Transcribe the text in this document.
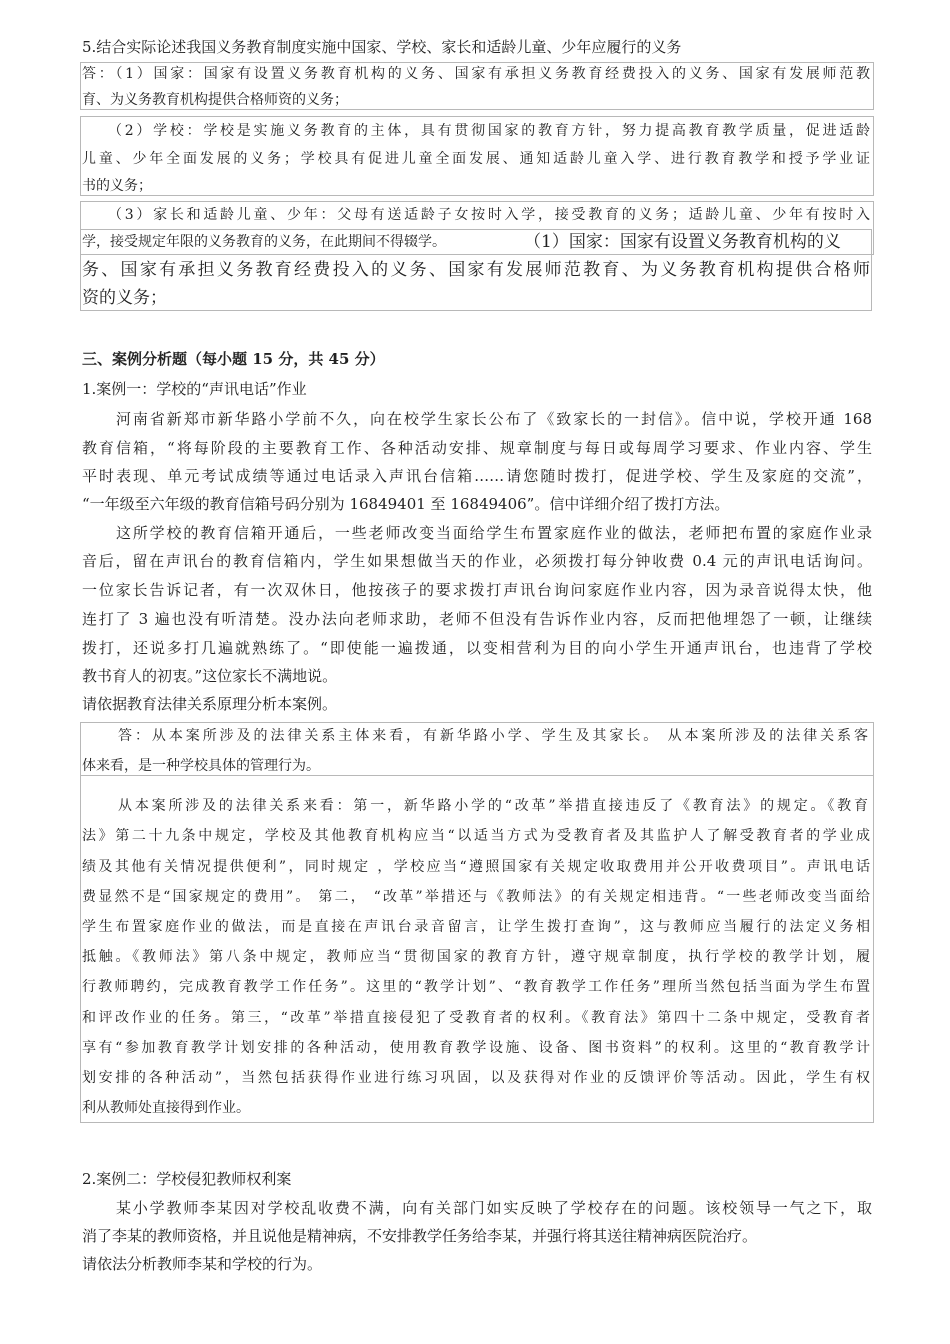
5.结合实际论述我国义务教育制度实施中国家、学校、家长和适龄儿童、少年应履行的义务
答：（1）国家：国家有设置义务教育机构的义务、国家有承担义务教育经费投入的义务、国家有发展师范教
育、为义务教育机构提供合格师资的义务；
（2）学校：学校是实施义务教育的主体，具有贯彻国家的教育方针，努力提高教育教学质量，促进适龄
儿童、少年全面发展的义务；学校具有促进儿童全面发展、通知适龄儿童入学、进行教育教学和授予学业证
书的义务；
（3）家长和适龄儿童、少年：父母有送适龄子女按时入学，接受教育的义务；适龄儿童、少年有按时入
学，接受规定年限的义务教育的义务，在此期间不得辍学。	（1）国家：国家有设置义务教育机构的义
务、国家有承担义务教育经费投入的义务、国家有发展师范教育、为义务教育机构提供合格师
资的义务；
三、案例分析题（每小题 15 分，共 45 分）
1.案例一：学校的“声讯电话”作业
河南省新郑市新华路小学前不久，向在校学生家长公布了《致家长的一封信》。信中说，学校开通 168
教育信箱，“将每阶段的主要教育工作、各种活动安排、规章制度与每日或每周学习要求、作业内容、学生
平时表现、单元考试成绩等通过电话录入声讯台信箱……请您随时拨打，促进学校、学生及家庭的交流”，
“一年级至六年级的教育信箱号码分别为 16849401 至 16849406”。信中详细介绍了拨打方法。
这所学校的教育信箱开通后，一些老师改变当面给学生布置家庭作业的做法，老师把布置的家庭作业录
音后，留在声讯台的教育信箱内，学生如果想做当天的作业，必须拨打每分钟收费 0.4 元的声讯电话询问。
一位家长告诉记者，有一次双休日，他按孩子的要求拨打声讯台询问家庭作业内容，因为录音说得太快，他
连打了 3 遍也没有听清楚。没办法向老师求助，老师不但没有告诉作业内容，反而把他埋怨了一顿，让继续
拨打，还说多打几遍就熟练了。“即使能一遍拨通，以变相营利为目的向小学生开通声讯台，也违背了学校
教书育人的初衷。”这位家长不满地说。
请依据教育法律关系原理分析本案例。
答：从本案所涉及的法律关系主体来看，有新华路小学、学生及其家长。 从本案所涉及的法律关系客
体来看，是一种学校具体的管理行为。
从本案所涉及的法律关系来看：第一，新华路小学的“改革”举措直接违反了《教育法》的规定。《教育
法》第二十九条中规定，学校及其他教育机构应当“以适当方式为受教育者及其监护人了解受教育者的学业成
绩及其他有关情况提供便利”，同时规定 ，学校应当“遵照国家有关规定收取费用并公开收费项目”。声讯电话
费显然不是“国家规定的费用”。 第二， “改革”举措还与《教师法》的有关规定相违背。“一些老师改变当面给
学生布置家庭作业的做法，而是直接在声讯台录音留言，让学生拨打查询”，这与教师应当履行的法定义务相
抵触。《教师法》第八条中规定，教师应当“贯彻国家的教育方针，遵守规章制度，执行学校的教学计划，履
行教师聘约，完成教育教学工作任务”。这里的“教学计划”、“教育教学工作任务”理所当然包括当面为学生布置
和评改作业的任务。第三，“改革”举措直接侵犯了受教育者的权利。《教育法》第四十二条中规定，受教育者
享有“参加教育教学计划安排的各种活动，使用教育教学设施、设备、图书资料”的权利。这里的“教育教学计
划安排的各种活动”，当然包括获得作业进行练习巩固，以及获得对作业的反馈评价等活动。因此，学生有权
利从教师处直接得到作业。
2.案例二：学校侵犯教师权利案
某小学教师李某因对学校乱收费不满，向有关部门如实反映了学校存在的问题。该校领导一气之下，取
消了李某的教师资格，并且说他是精神病，不安排教学任务给李某，并强行将其送往精神病医院治疗。
请依法分析教师李某和学校的行为。
